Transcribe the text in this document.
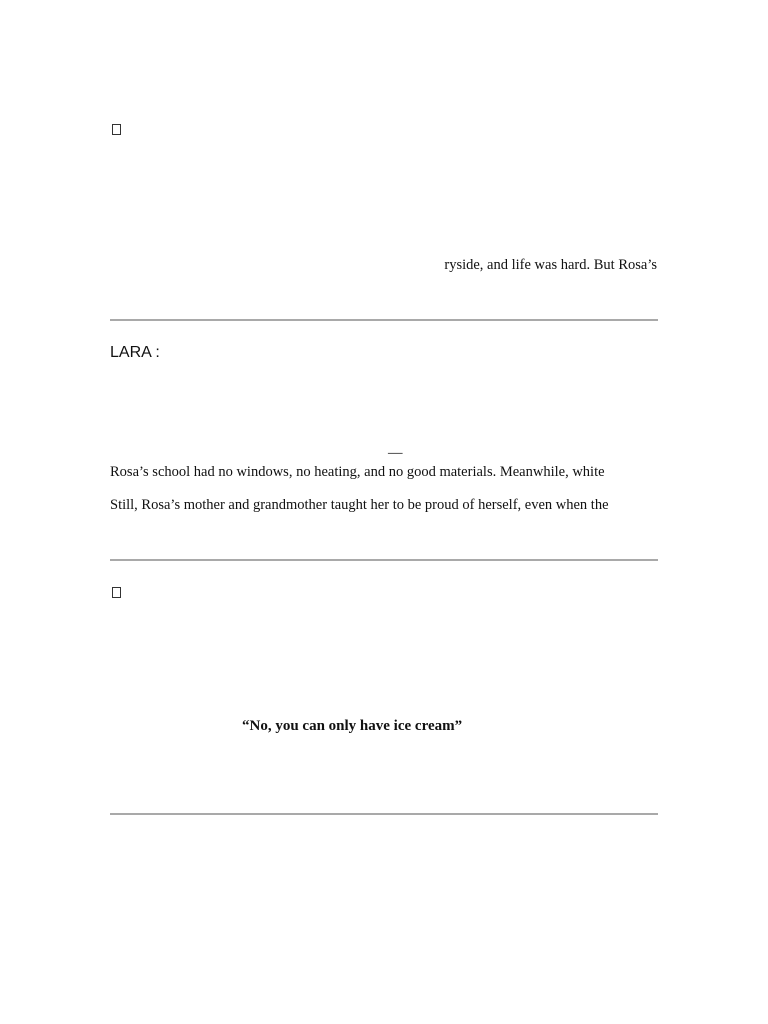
ryside, and life was hard. But Rosa’s
LARA :
—
Rosa’s school had no windows, no heating, and no good materials. Meanwhile, white
Still, Rosa’s mother and grandmother taught her to be proud of herself, even when the
“No, you can only have ice cream”
